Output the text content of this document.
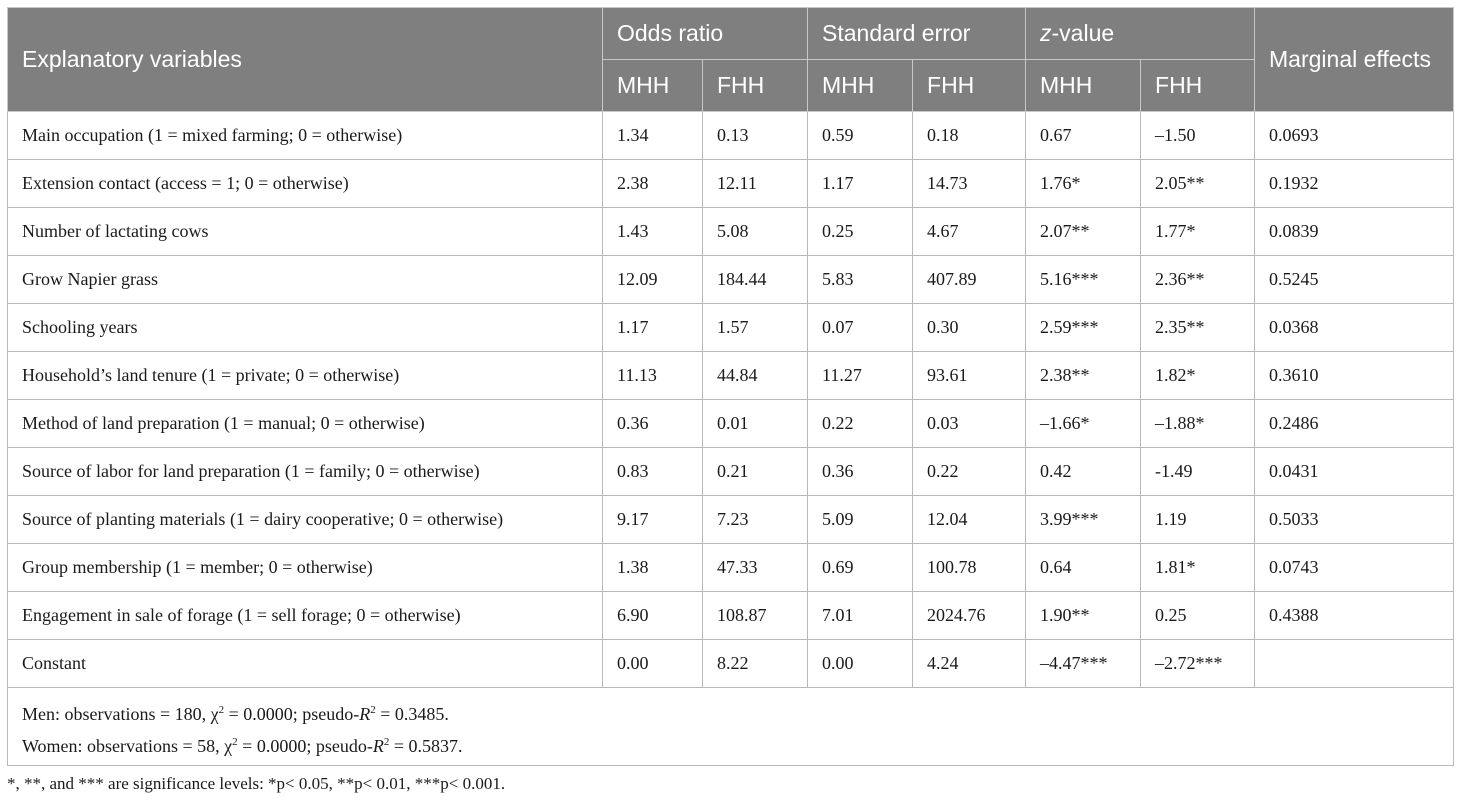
Explanatory variables	Odds ratio		Standard error		z-value		Marginal effects
	MHH	FHH	MHH	FHH	MHH	FHH	
Main occupation (1 = mixed farming; 0 = otherwise)	1.34	0.13	0.59	0.18	0.67	–1.50	0.0693
Extension contact (access = 1; 0 = otherwise)	2.38	12.11	1.17	14.73	1.76*	2.05**	0.1932
Number of lactating cows	1.43	5.08	0.25	4.67	2.07**	1.77*	0.0839
Grow Napier grass	12.09	184.44	5.83	407.89	5.16***	2.36**	0.5245
Schooling years	1.17	1.57	0.07	0.30	2.59***	2.35**	0.0368
Household’s land tenure (1 = private; 0 = otherwise)	11.13	44.84	11.27	93.61	2.38**	1.82*	0.3610
Method of land preparation (1 = manual; 0 = otherwise)	0.36	0.01	0.22	0.03	–1.66*	–1.88*	0.2486
Source of labor for land preparation (1 = family; 0 = otherwise)	0.83	0.21	0.36	0.22	0.42	-1.49	0.0431
Source of planting materials (1 = dairy cooperative; 0 = otherwise)	9.17	7.23	5.09	12.04	3.99***	1.19	0.5033
Group membership (1 = member; 0 = otherwise)	1.38	47.33	0.69	100.78	0.64	1.81*	0.0743
Engagement in sale of forage (1 = sell forage; 0 = otherwise)	6.90	108.87	7.01	2024.76	1.90**	0.25	0.4388
Constant	0.00	8.22	0.00	4.24	–4.47***	–2.72***	

Men: observations = 180, $\chi^2 = 0.0000$; pseudo-$R^2 = 0.3485$.
Women: observations = 58, $\chi^2 = 0.0000$; pseudo-$R^2 = 0.5837$.							
*, **, and *** are significance levels: *p< 0.05, **p< 0.01, ***p< 0.001.
